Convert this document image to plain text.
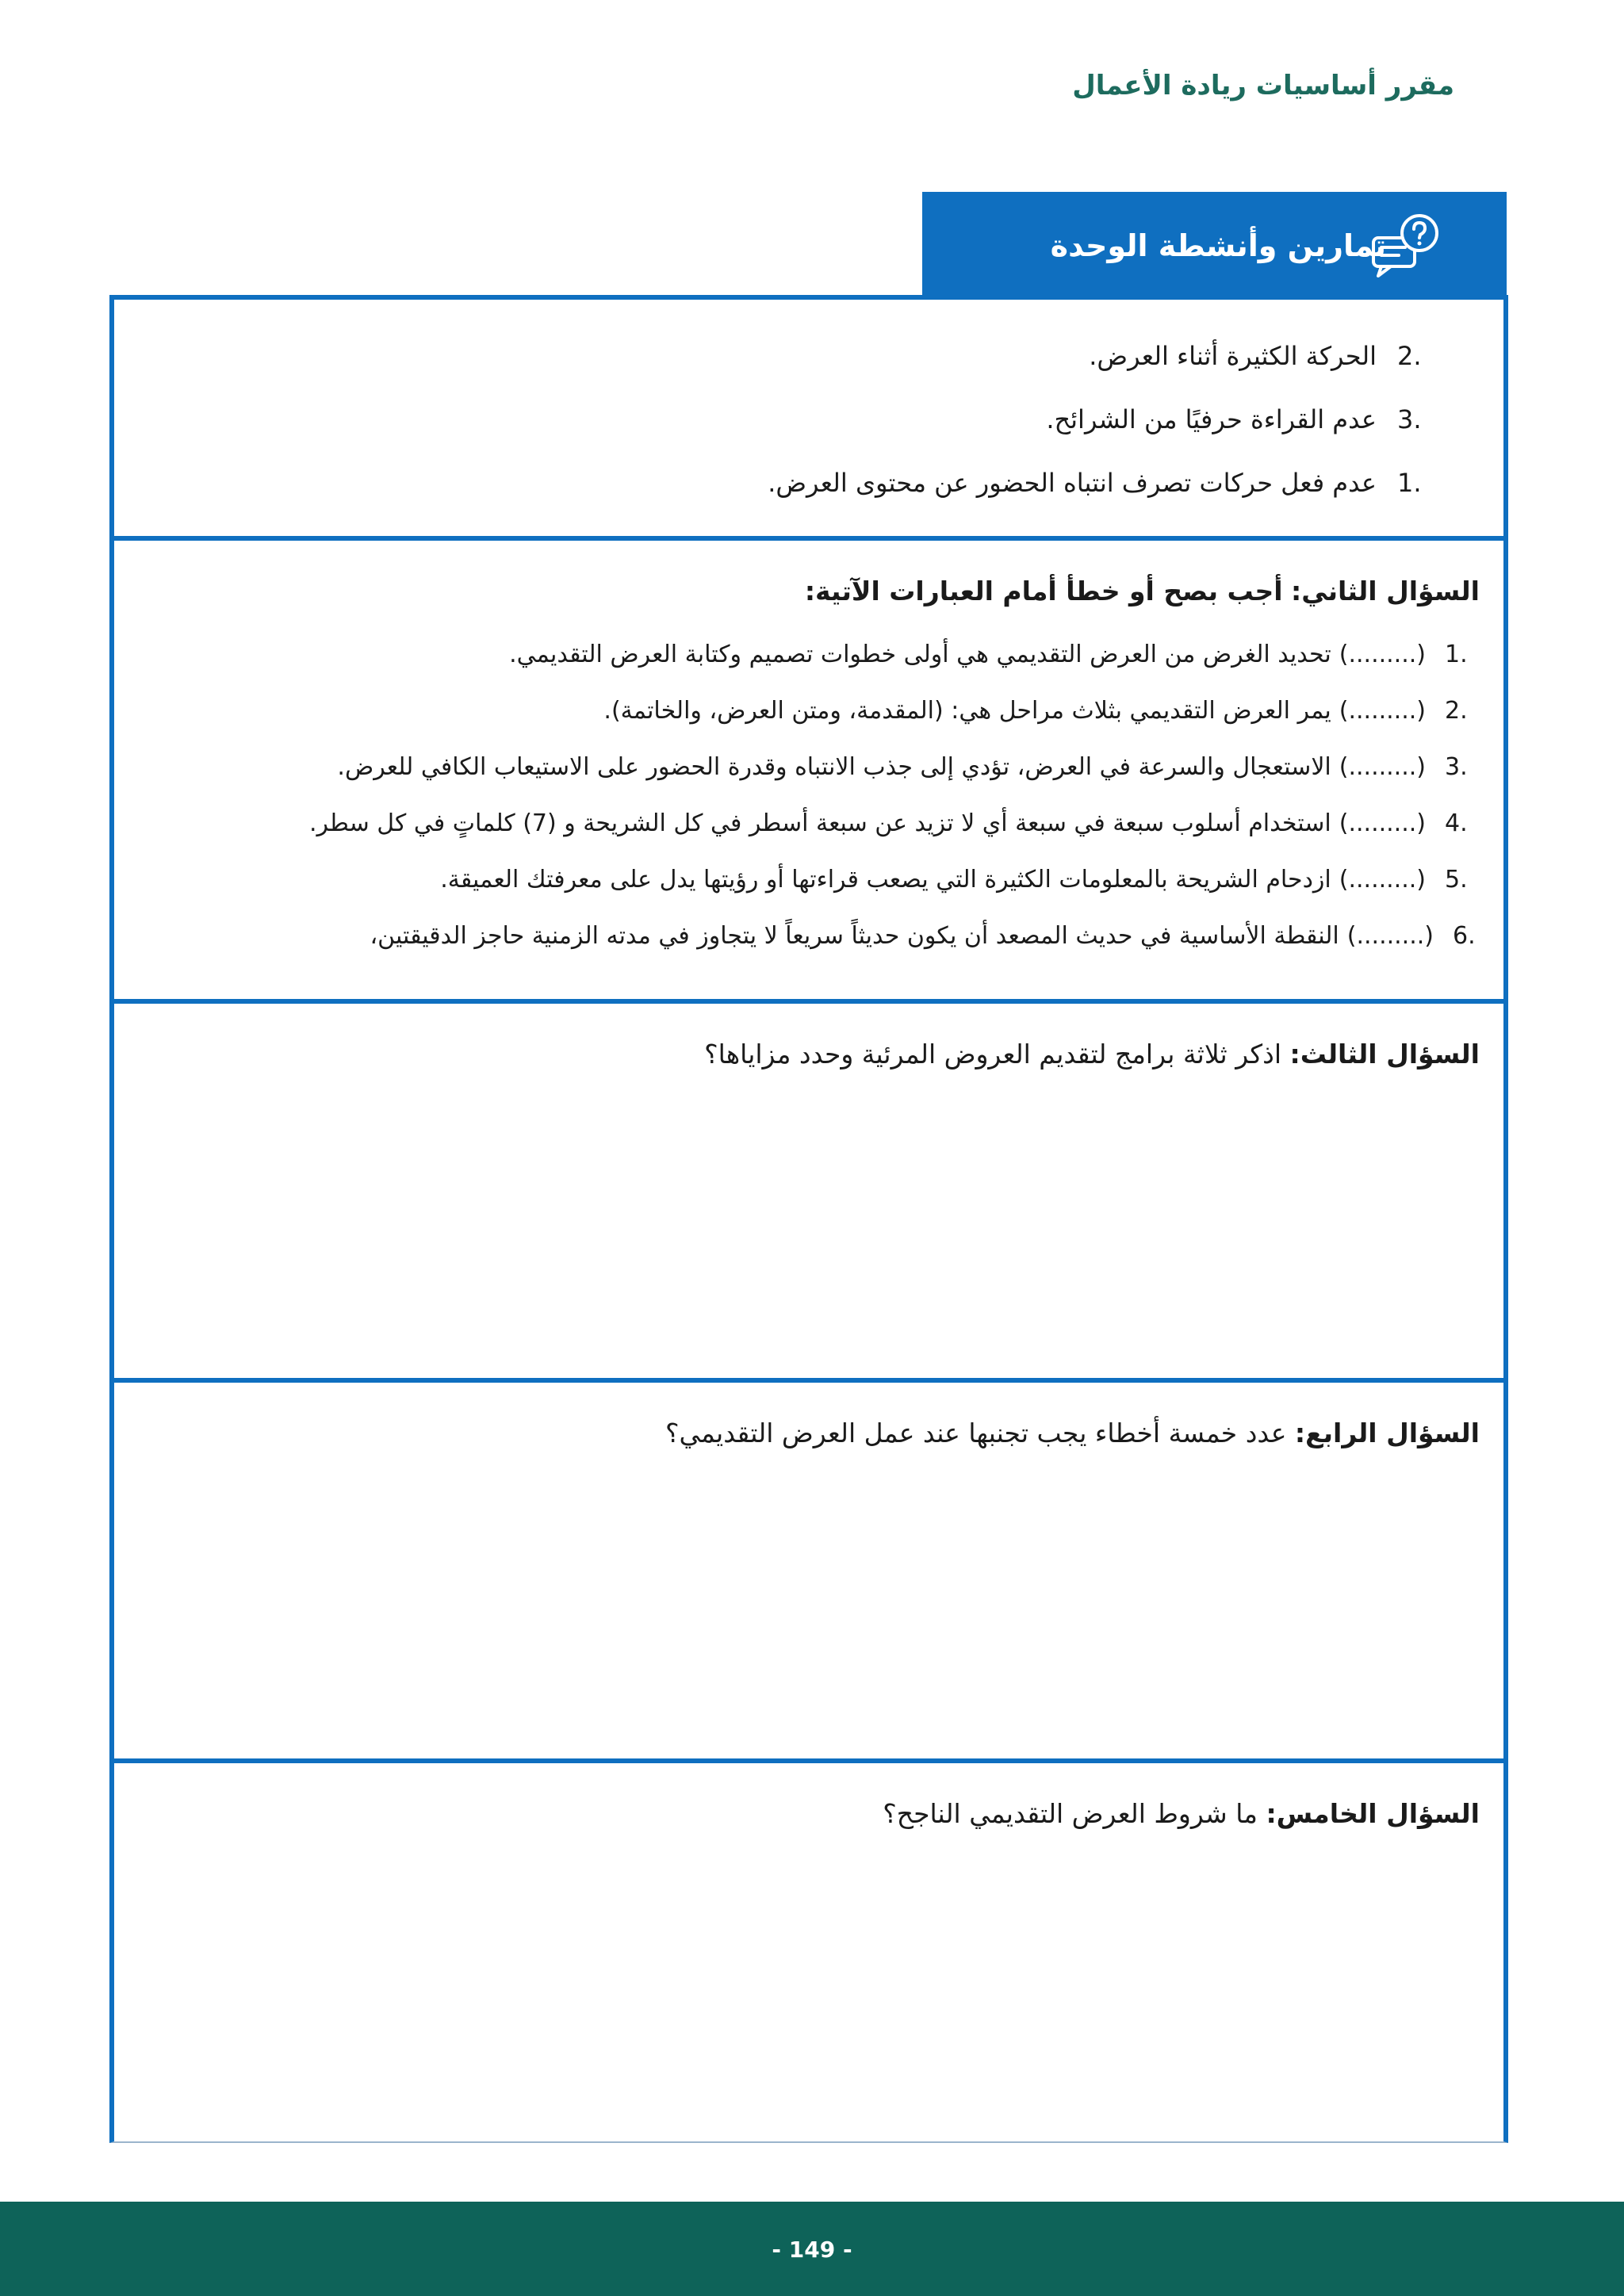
مقرر أساسيات ريادة الأعمال
تمارين وأنشطة الوحدة
2.
الحركة الكثيرة أثناء العرض.
3.
عدم القراءة حرفيًا من الشرائح.
1.
عدم فعل حركات تصرف انتباه الحضور عن محتوى العرض.
السؤال الثاني: أجب بصح أو خطأ أمام العبارات الآتية:
1.
(.........)
تحديد الغرض من العرض التقديمي هي أولى خطوات تصميم وكتابة العرض التقديمي.
2.
(.........)
يمر العرض التقديمي بثلاث مراحل هي: (المقدمة، ومتن العرض، والخاتمة).
3.
(.........)
الاستعجال والسرعة في العرض، تؤدي إلى جذب الانتباه وقدرة الحضور على الاستيعاب الكافي للعرض.
4.
(.........)
استخدام أسلوب سبعة في سبعة أي لا تزيد عن سبعة أسطر في كل الشريحة و (7) كلماتٍ في كل سطر.
5.
(.........)
ازدحام الشريحة بالمعلومات الكثيرة التي يصعب قراءتها أو رؤيتها يدل على معرفتك العميقة.
6.
(.........)
النقطة الأساسية في حديث المصعد أن يكون حديثاً سريعاً لا يتجاوز في مدته الزمنية حاجز الدقيقتين،
السؤال الثالث: اذكر ثلاثة برامج لتقديم العروض المرئية وحدد مزاياها؟
السؤال الرابع: عدد خمسة أخطاء يجب تجنبها عند عمل العرض التقديمي؟
السؤال الخامس: ما شروط العرض التقديمي الناجح؟
- 149 -
